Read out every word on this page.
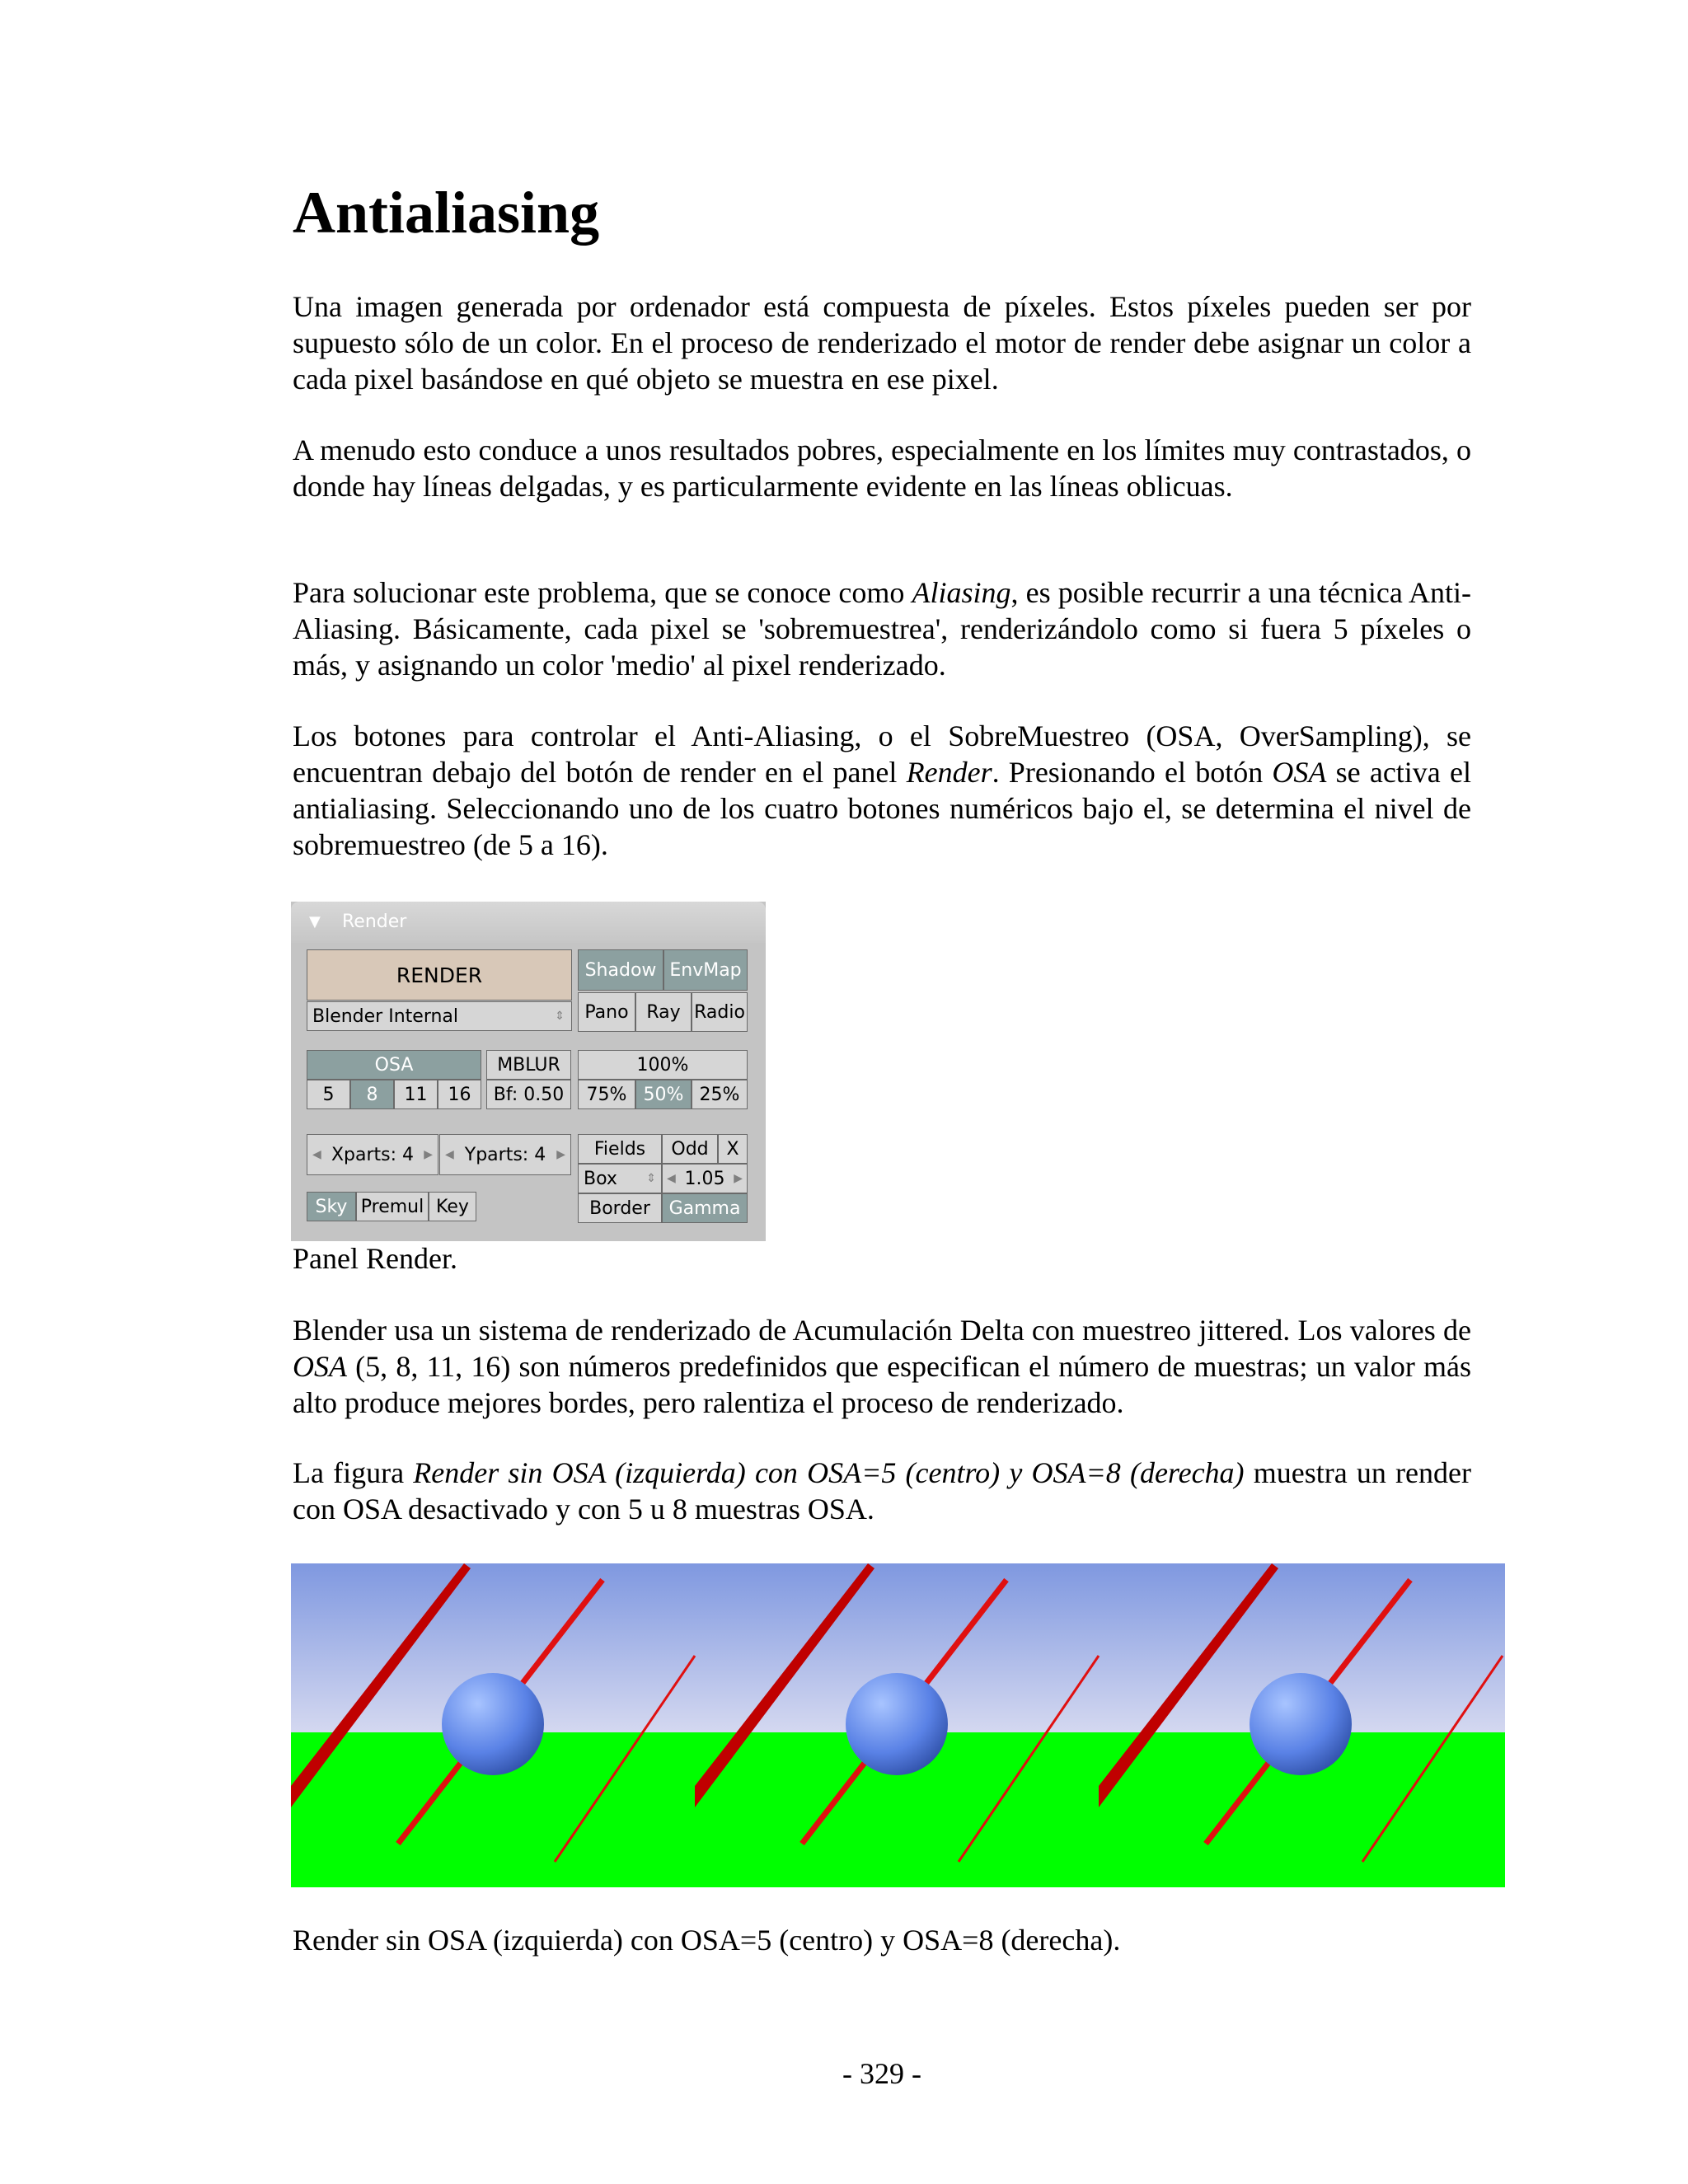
Antialiasing

Una imagen generada por ordenador está compuesta de píxeles. Estos píxeles pueden ser por supuesto sólo de un color. En el proceso de renderizado el motor de render debe asignar un color a cada pixel basándose en qué objeto se muestra en ese pixel.

A menudo esto conduce a unos resultados pobres, especialmente en los límites muy contrastados, o donde hay líneas delgadas, y es particularmente evidente en las líneas oblicuas.

Para solucionar este problema, que se conoce como Aliasing, es posible recurrir a una técnica Anti-Aliasing. Básicamente, cada pixel se 'sobremuestrea', renderizándolo como si fuera 5 píxeles o más, y asignando un color 'medio' al pixel renderizado.

Los botones para controlar el Anti-Aliasing, o el SobreMuestreo (OSA, OverSampling), se encuentran debajo del botón de render en el panel Render. Presionando el botón OSA se activa el antialiasing. Seleccionando uno de los cuatro botones numéricos bajo el, se determina el nivel de sobremuestreo (de 5 a 16).

▼ Render
RENDER
Blender Internal	⇕
Shadow EnvMap
Pano Ray Radio
OSA
5	8	11	16
MBLUR
Bf: 0.50
100%
75% 50% 25%
◀ Xparts: 4 ▶ ◀ Yparts: 4 ▶	Fields	Odd X
Box	⇕ ◀ 1.05 ▶
Border	Gamma
Sky Premul Key

Panel Render.

Blender usa un sistema de renderizado de Acumulación Delta con muestreo jittered. Los valores de OSA (5, 8, 11, 16) son números predefinidos que especifican el número de muestras; un valor más alto produce mejores bordes, pero ralentiza el proceso de renderizado.

La figura Render sin OSA (izquierda) con OSA=5 (centro) y OSA=8 (derecha) muestra un render con OSA desactivado y con 5 u 8 muestras OSA.

Render sin OSA (izquierda) con OSA=5 (centro) y OSA=8 (derecha).

- 329 -
